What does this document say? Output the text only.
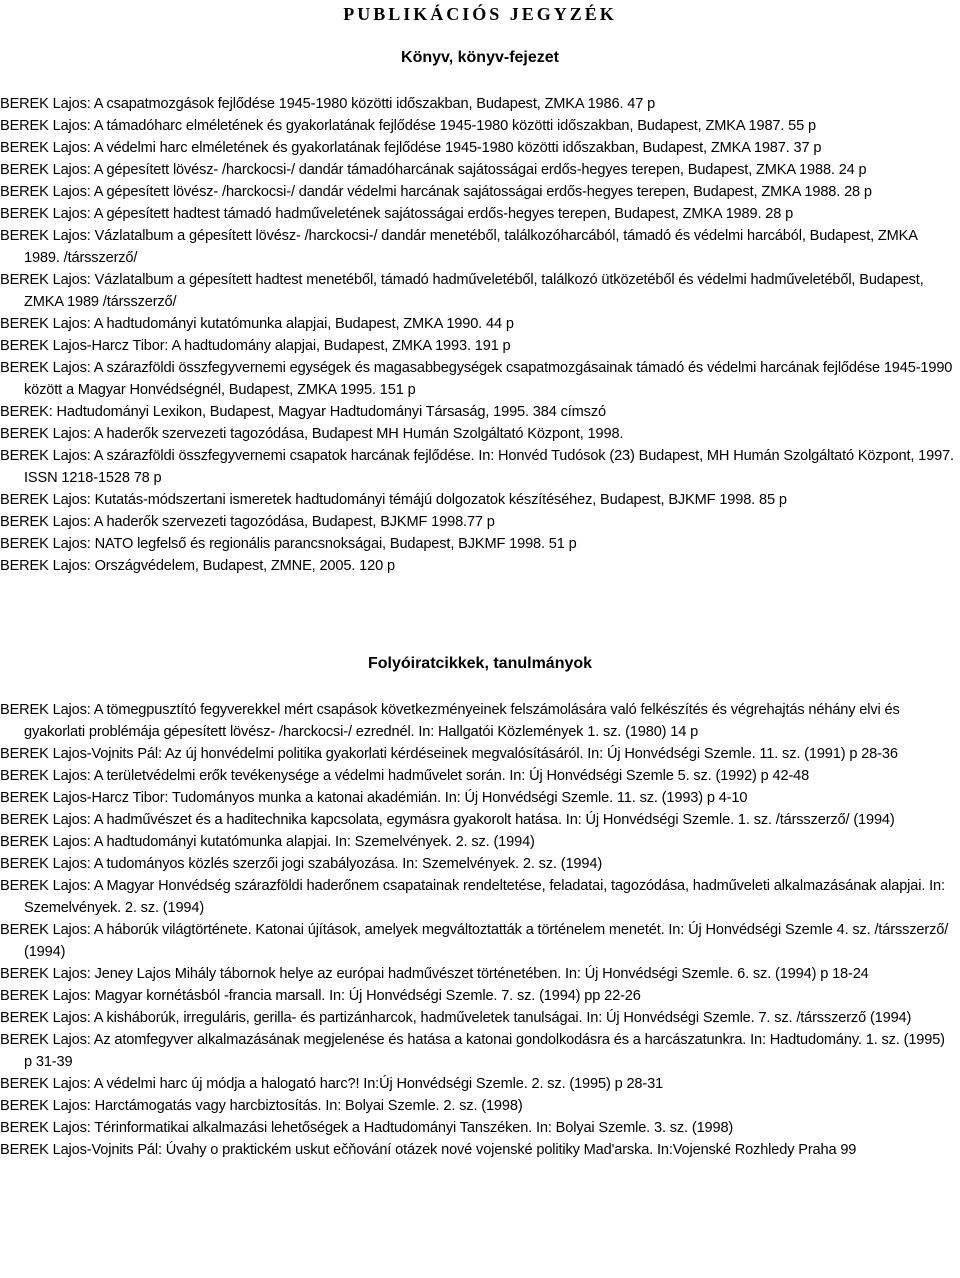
PUBLIKÁCIÓS JEGYZÉK
Könyv, könyv-fejezet

BEREK Lajos: A csapatmozgások fejlődése 1945-1980 közötti időszakban, Budapest, ZMKA 1986. 47 p

BEREK Lajos: A támadóharc elméletének és gyakorlatának fejlődése 1945-1980 közötti időszakban, Budapest, ZMKA 1987. 55 p

BEREK Lajos: A védelmi harc elméletének és gyakorlatának fejlődése 1945-1980 közötti időszakban, Budapest, ZMKA 1987. 37 p

BEREK Lajos: A gépesített lövész- /harckocsi-/ dandár támadóharcának sajátosságai erdős-hegyes terepen, Budapest, ZMKA 1988. 24 p

BEREK Lajos: A gépesített lövész- /harckocsi-/ dandár védelmi harcának sajátosságai erdős-hegyes terepen, Budapest, ZMKA 1988. 28 p

BEREK Lajos: A gépesített hadtest támadó hadműveletének sajátosságai erdős-hegyes terepen, Budapest, ZMKA 1989. 28 p

BEREK Lajos: Vázlatalbum a gépesített lövész- /harckocsi-/ dandár menetéből, találkozóharcából, támadó és védelmi harcából, Budapest, ZMKA 1989. /társszerző/

BEREK Lajos: Vázlatalbum a gépesített hadtest menetéből, támadó hadműveletéből, találkozó ütközetéből és védelmi hadműveletéből, Budapest, ZMKA 1989 /társszerző/

BEREK Lajos: A hadtudományi kutatómunka alapjai, Budapest, ZMKA 1990. 44 p

BEREK Lajos-Harcz Tibor: A hadtudomány alapjai, Budapest, ZMKA 1993. 191 p

BEREK Lajos: A szárazföldi összfegyvernemi egységek és magasabbegységek csapatmozgásainak támadó és védelmi harcának fejlődése 1945-1990 között a Magyar Honvédségnél, Budapest, ZMKA 1995. 151 p

BEREK: Hadtudományi Lexikon, Budapest, Magyar Hadtudományi Társaság, 1995. 384 címszó

BEREK Lajos: A haderők szervezeti tagozódása, Budapest MH Humán Szolgáltató Központ, 1998.

BEREK Lajos: A szárazföldi összfegyvernemi csapatok harcának fejlődése. In: Honvéd Tudósok (23) Budapest, MH Humán Szolgáltató Központ, 1997. ISSN 1218-1528 78 p

BEREK Lajos: Kutatás-módszertani ismeretek hadtudományi témájú dolgozatok készítéséhez, Budapest, BJKMF 1998. 85 p

BEREK Lajos: A haderők szervezeti tagozódása, Budapest, BJKMF 1998.77 p

BEREK Lajos: NATO legfelső és regionális parancsnokságai, Budapest, BJKMF 1998. 51 p

BEREK Lajos: Országvédelem, Budapest, ZMNE, 2005. 120 p

Folyóiratcikkek, tanulmányok

BEREK Lajos: A tömegpusztító fegyverekkel mért csapások következményeinek felszámolására való felkészítés és végrehajtás néhány elvi és gyakorlati problémája gépesített lövész- /harckocsi-/ ezrednél. In: Hallgatói Közlemények 1. sz. (1980) 14 p

BEREK Lajos-Vojnits Pál: Az új honvédelmi politika gyakorlati kérdéseinek megvalósításáról. In: Új Honvédségi Szemle. 11. sz. (1991) p 28-36

BEREK Lajos: A területvédelmi erők tevékenysége a védelmi hadművelet során. In: Új Honvédségi Szemle 5. sz. (1992) p 42-48

BEREK Lajos-Harcz Tibor: Tudományos munka a katonai akadémián. In: Új Honvédségi Szemle. 11. sz. (1993) p 4-10

BEREK Lajos: A hadművészet és a haditechnika kapcsolata, egymásra gyakorolt hatása. In: Új Honvédségi Szemle. 1. sz. /társszerző/ (1994)

BEREK Lajos: A hadtudományi kutatómunka alapjai. In: Szemelvények. 2. sz. (1994)

BEREK Lajos: A tudományos közlés szerzői jogi szabályozása. In: Szemelvények. 2. sz. (1994)

BEREK Lajos: A Magyar Honvédség szárazföldi haderőnem csapatainak rendeltetése, feladatai, tagozódása, hadműveleti alkalmazásának alapjai. In: Szemelvények. 2. sz. (1994)

BEREK Lajos: A háborúk világtörténete. Katonai újítások, amelyek megváltoztatták a történelem menetét. In: Új Honvédségi Szemle 4. sz. /társszerző/ (1994)

BEREK Lajos: Jeney Lajos Mihály tábornok helye az európai hadművészet történetében. In: Új Honvédségi Szemle. 6. sz. (1994) p 18-24

BEREK Lajos: Magyar kornétásból -francia marsall. In: Új Honvédségi Szemle. 7. sz. (1994) pp 22-26

BEREK Lajos: A kisháborúk, irreguláris, gerilla- és partizánharcok, hadműveletek tanulságai. In: Új Honvédségi Szemle. 7. sz. /társszerző (1994)

BEREK Lajos: Az atomfegyver alkalmazásának megjelenése és hatása a katonai gondolkodásra és a harcászatunkra. In: Hadtudomány. 1. sz. (1995) p 31-39

BEREK Lajos: A védelmi harc új módja a halogató harc?! In:Új Honvédségi Szemle. 2. sz. (1995) p 28-31

BEREK Lajos: Harctámogatás vagy harcbiztosítás. In: Bolyai Szemle. 2. sz. (1998)

BEREK Lajos: Térinformatikai alkalmazási lehetőségek a Hadtudományi Tanszéken. In: Bolyai Szemle. 3. sz. (1998)

BEREK Lajos-Vojnits Pál: Úvahy o praktickém uskut ečňování otázek nové vojenské politiky Mad'arska. In:Vojenské Rozhledy Praha 99
